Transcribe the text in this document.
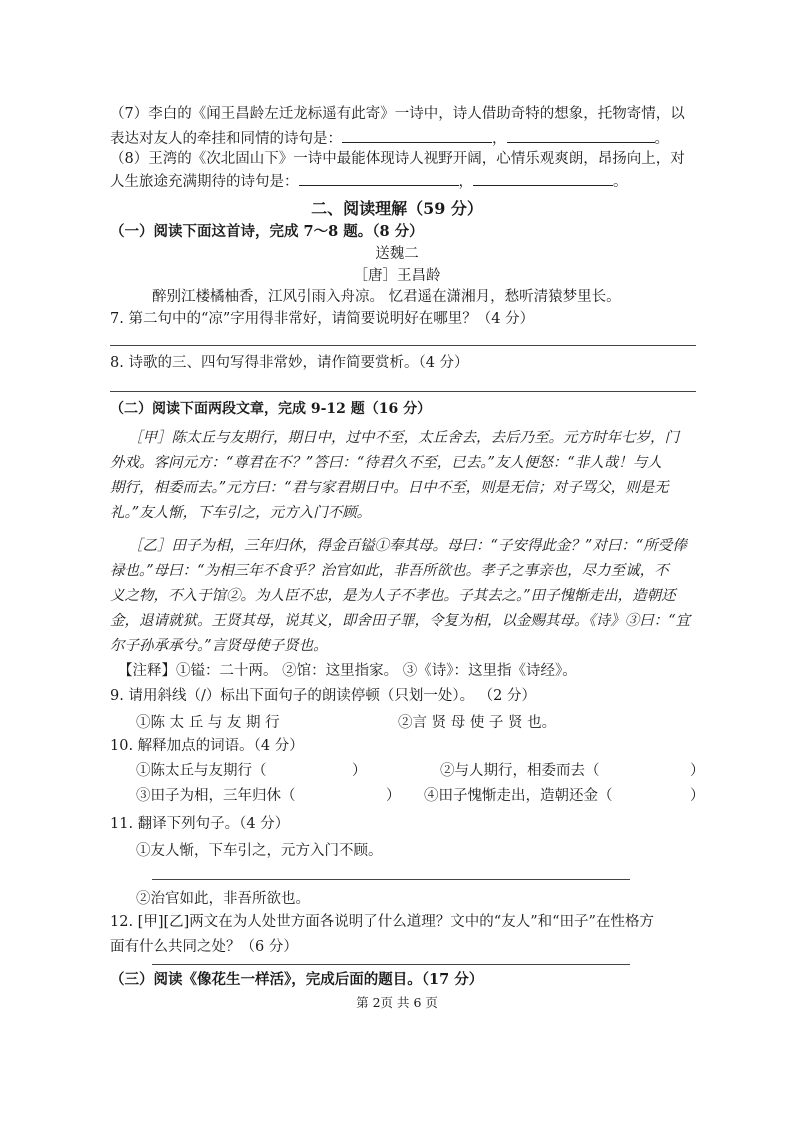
（7）李白的《闻王昌龄左迁龙标遥有此寄》一诗中，诗人借助奇特的想象，托物寄情，以
表达对友人的牵挂和同情的诗句是：	，	。
（8）王湾的《次北固山下》一诗中最能体现诗人视野开阔，心情乐观爽朗，昂扬向上，对
人生旅途充满期待的诗句是：	，	。
二、阅读理解（59 分）
（一）阅读下面这首诗，完成 7～8 题。（8 分）
送魏二
［唐］王昌龄
醉别江楼橘柚香，江风引雨入舟凉。 忆君遥在潇湘月，愁听清猿梦里长。
7. 第二句中的“凉”字用得非常好，请简要说明好在哪里？（4 分）
8. 诗歌的三、四句写得非常妙，请作简要赏析。（4 分）
（二）阅读下面两段文章，完成 9-12 题（16 分）
［甲］陈太丘与友期行，期日中，过中不至，太丘舍去，去后乃至。元方时年七岁，门
外戏。客问元方：“尊君在不？”答曰：“待君久不至，已去。”友人便怒：“非人哉！与人
期行，相委而去。”元方曰：“君与家君期日中。日中不至，则是无信；对子骂父，则是无
礼。”友人惭，下车引之，元方入门不顾。
［乙］田子为相，三年归休，得金百镒①奉其母。母曰：“子安得此金？”对曰：“所受俸
禄也。”母曰：“为相三年不食乎？治官如此，非吾所欲也。孝子之事亲也，尽力至诚，不
义之物，不入于馆②。为人臣不忠，是为人子不孝也。子其去之。”田子愧惭走出，造朝还
金，退请就狱。王贤其母，说其义，即舍田子罪，令复为相，以金赐其母。《诗》③曰：“宜
尔子孙承承兮。”言贤母使子贤也。
【注释】①镒：二十两。 ②馆：这里指家。 ③《诗》：这里指《诗经》。
9. 请用斜线（/）标出下面句子的朗读停顿（只划一处）。 （2 分）
①陈 太 丘 与 友 期 行	②言 贤 母 使 子 贤 也。
10. 解释加点的词语。（4 分）
①陈太丘与友期行（	）	②与人期行，相委而去（	）
③田子为相，三年归休（	） ④田子愧惭走出，造朝还金（	）
11. 翻译下列句子。（4 分）
①友人惭，下车引之，元方入门不顾。
②治官如此，非吾所欲也。
12. [甲][乙]两文在为人处世方面各说明了什么道理？文中的“友人”和“田子”在性格方
面有什么共同之处？（6 分）
（三）阅读《像花生一样活》，完成后面的题目。（17 分）
第 2页 共 6 页
